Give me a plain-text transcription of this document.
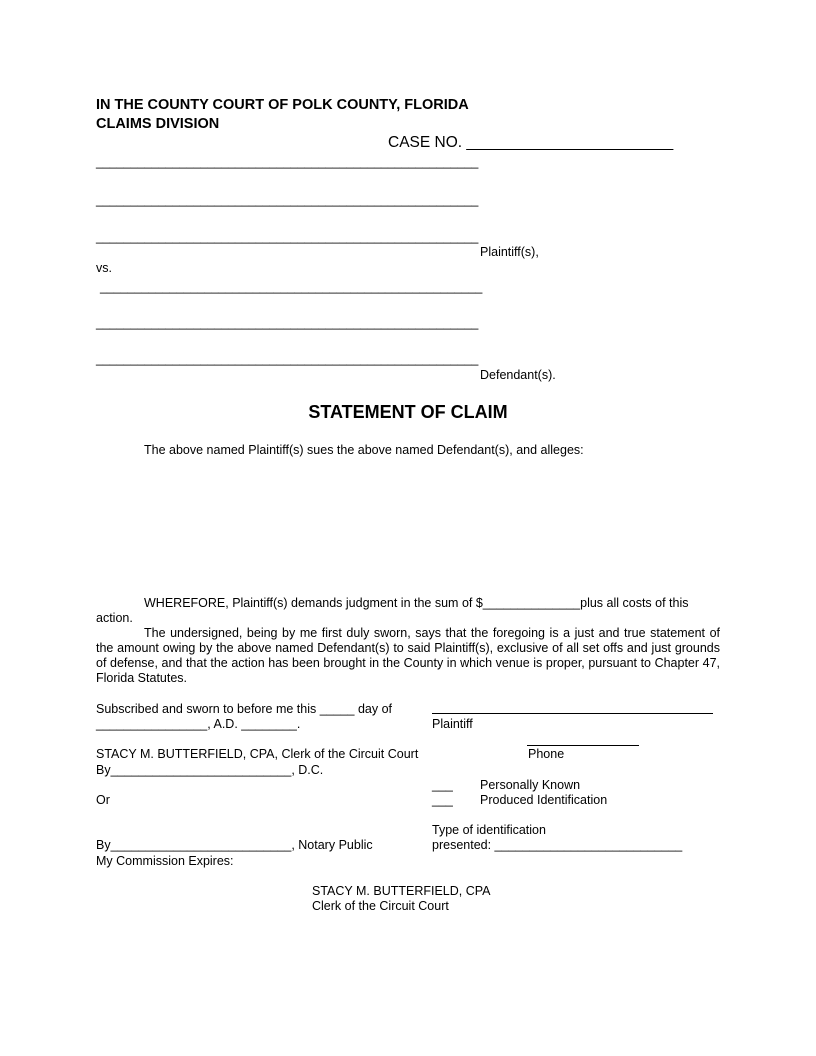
IN THE COUNTY COURT OF POLK COUNTY, FLORIDA
CLAIMS DIVISION
CASE NO. ________________________
_______________________________________________________
_______________________________________________________
_______________________________________________________
Plaintiff(s),
vs.
_______________________________________________________
_______________________________________________________
_______________________________________________________
Defendant(s).
STATEMENT OF CLAIM
The above named Plaintiff(s) sues the above named Defendant(s), and alleges:
WHEREFORE, Plaintiff(s) demands judgment in the sum of $______________plus all costs of this
action.
The undersigned, being by me first duly sworn, says that the foregoing is a just and true statement of the amount owing by the above named Defendant(s) to said Plaintiff(s), exclusive of all set offs and just grounds of defense, and that the action has been brought in the County in which venue is proper, pursuant to Chapter 47, Florida Statutes.
Subscribed and sworn to before me this _____ day of
________________, A.D. ________.
STACY M. BUTTERFIELD, CPA, Clerk of the Circuit Court
By__________________________, D.C.
Or
By__________________________, Notary Public
My Commission Expires:
Plaintiff
Phone
___ Personally Known
___ Produced Identification
Type of identification
presented: ___________________________
STACY M. BUTTERFIELD, CPA
Clerk of the Circuit Court
